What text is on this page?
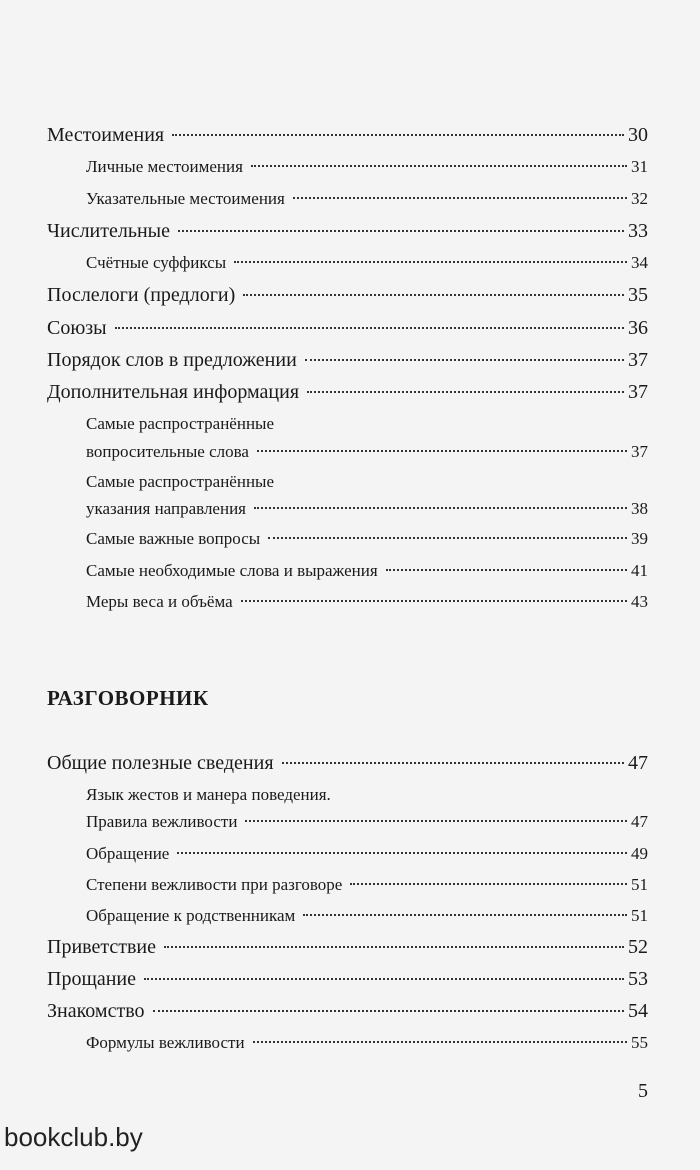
Местоимения	30
Личные местоимения	31
Указательные местоимения	32
Числительные	33
Счётные суффиксы	34
Послелоги (предлоги)	35
Союзы	36
Порядок слов в предложении	37
Дополнительная информация	37
Самые распространённые
вопросительные слова	37
Самые распространённые
указания направления	38
Самые важные вопросы	39
Самые необходимые слова и выражения	41
Меры веса и объёма	43
РАЗГОВОРНИК
Общие полезные сведения	47
Язык жестов и манера поведения.
Правила вежливости	47
Обращение	49
Степени вежливости при разговоре	51
Обращение к родственникам	51
Приветствие	52
Прощание	53
Знакомство	54
Формулы вежливости	55
5
bookclub.by
